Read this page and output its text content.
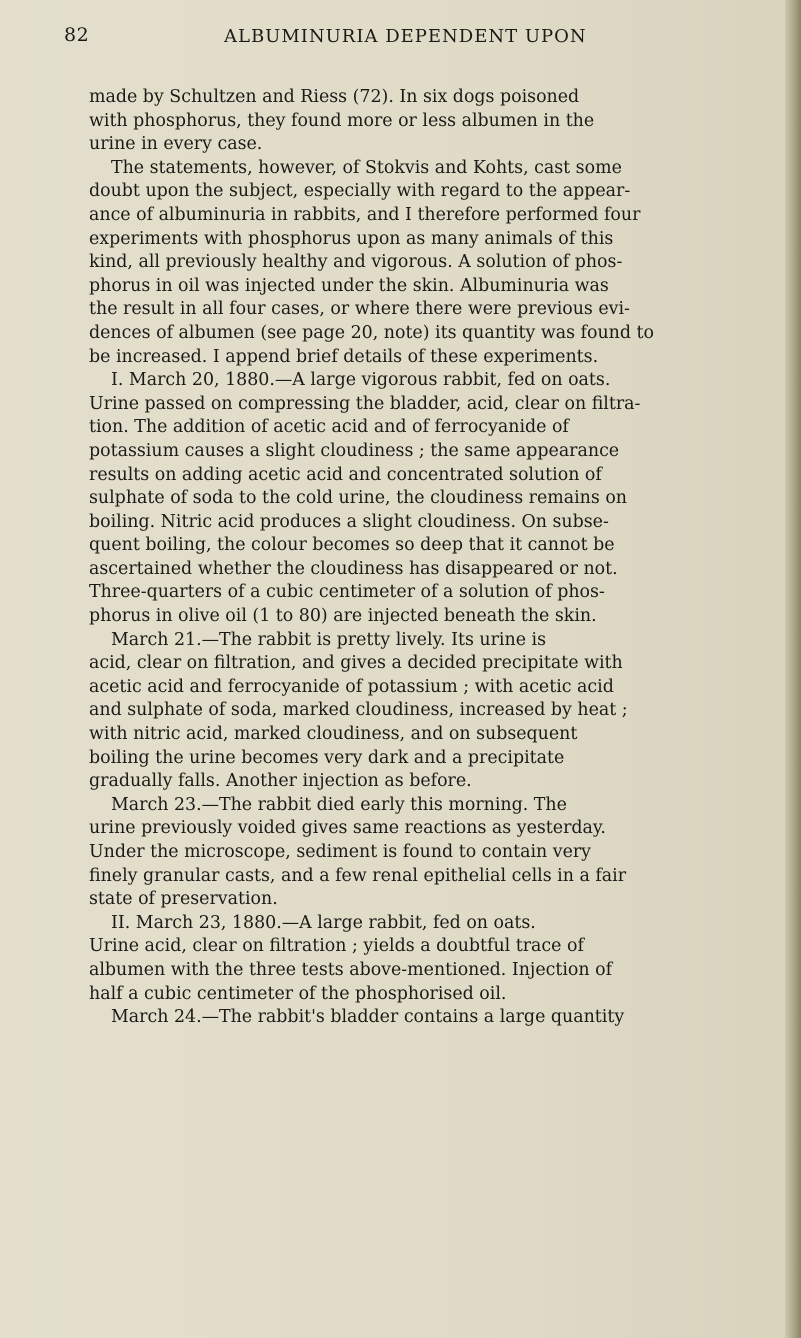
82	ALBUMINURIA DEPENDENT UPON
made by Schultzen and Riess (72). In six dogs poisoned
with phosphorus, they found more or less albumen in the
urine in every case.
The statements, however, of Stokvis and Kohts, cast some
doubt upon the subject, especially with regard to the appear-
ance of albuminuria in rabbits, and I therefore performed four
experiments with phosphorus upon as many animals of this
kind, all previously healthy and vigorous. A solution of phos-
phorus in oil was injected under the skin. Albuminuria was
the result in all four cases, or where there were previous evi-
dences of albumen (see page 20, note) its quantity was found to
be increased. I append brief details of these experiments.
I. March 20, 1880.—A large vigorous rabbit, fed on oats.
Urine passed on compressing the bladder, acid, clear on filtra-
tion. The addition of acetic acid and of ferrocyanide of
potassium causes a slight cloudiness ; the same appearance
results on adding acetic acid and concentrated solution of
sulphate of soda to the cold urine, the cloudiness remains on
boiling. Nitric acid produces a slight cloudiness. On subse-
quent boiling, the colour becomes so deep that it cannot be
ascertained whether the cloudiness has disappeared or not.
Three-quarters of a cubic centimeter of a solution of phos-
phorus in olive oil (1 to 80) are injected beneath the skin.
March 21.—The rabbit is pretty lively. Its urine is
acid, clear on filtration, and gives a decided precipitate with
acetic acid and ferrocyanide of potassium ; with acetic acid
and sulphate of soda, marked cloudiness, increased by heat ;
with nitric acid, marked cloudiness, and on subsequent
boiling the urine becomes very dark and a precipitate
gradually falls. Another injection as before.
March 23.—The rabbit died early this morning. The
urine previously voided gives same reactions as yesterday.
Under the microscope, sediment is found to contain very
finely granular casts, and a few renal epithelial cells in a fair
state of preservation.
II. March 23, 1880.—A large rabbit, fed on oats.
Urine acid, clear on filtration ; yields a doubtful trace of
albumen with the three tests above-mentioned. Injection of
half a cubic centimeter of the phosphorised oil.
March 24.—The rabbit's bladder contains a large quantity
